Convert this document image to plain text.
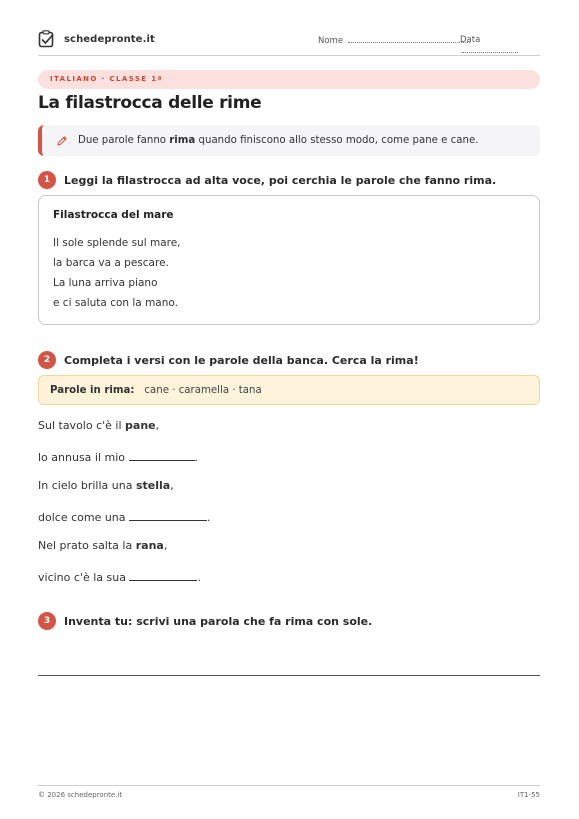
schedepronte.it	Nome	Data
ITALIANO · CLASSE 1ª
La filastrocca delle rime
Due parole fanno rima quando finiscono allo stesso modo, come pane e cane.
1	Leggi la filastrocca ad alta voce, poi cerchia le parole che fanno rima.
Filastrocca del mare
Il sole splende sul mare,
la barca va a pescare.
La luna arriva piano
e ci saluta con la mano.
2	Completa i versi con le parole della banca. Cerca la rima!
Parole in rima: cane · caramella · tana
Sul tavolo c'è il pane,
lo annusa il mio	.
In cielo brilla una stella,
dolce come una	.
Nel prato salta la rana,
vicino c'è la sua	.
3	Inventa tu: scrivi una parola che fa rima con sole.
© 2026 schedepronte.it	IT1-55
